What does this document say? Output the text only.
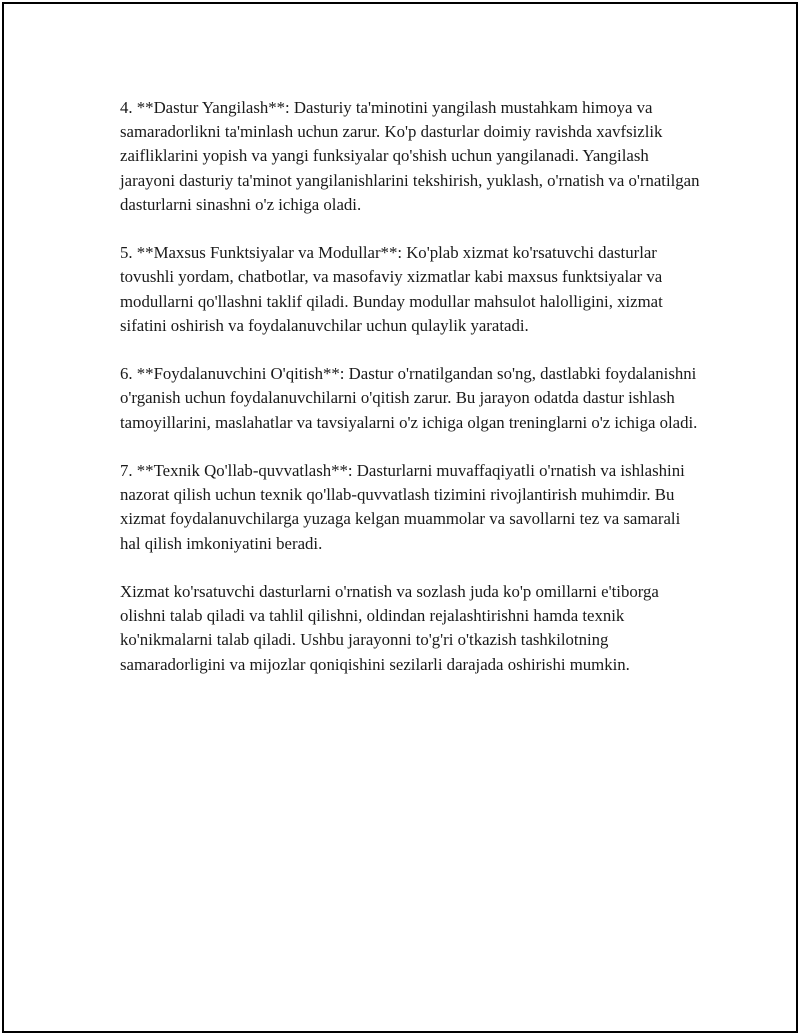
4. **Dastur Yangilash**: Dasturiy ta'minotini yangilash mustahkam himoya va samaradorlikni ta'minlash uchun zarur. Ko'p dasturlar doimiy ravishda xavfsizlik zaifliklarini yopish va yangi funksiyalar qo'shish uchun yangilanadi. Yangilash jarayoni dasturiy ta'minot yangilanishlarini tekshirish, yuklash, o'rnatish va o'rnatilgan dasturlarni sinashni o'z ichiga oladi.

5. **Maxsus Funktsiyalar va Modullar**: Ko'plab xizmat ko'rsatuvchi dasturlar tovushli yordam, chatbotlar, va masofaviy xizmatlar kabi maxsus funktsiyalar va modullarni qo'llashni taklif qiladi. Bunday modullar mahsulot halolligini, xizmat sifatini oshirish va foydalanuvchilar uchun qulaylik yaratadi.

6. **Foydalanuvchini O'qitish**: Dastur o'rnatilgandan so'ng, dastlabki foydalanishni o'rganish uchun foydalanuvchilarni o'qitish zarur. Bu jarayon odatda dastur ishlash tamoyillarini, maslahatlar va tavsiyalarni o'z ichiga olgan treninglarni o'z ichiga oladi.

7. **Texnik Qo'llab-quvvatlash**: Dasturlarni muvaffaqiyatli o'rnatish va ishlashini nazorat qilish uchun texnik qo'llab-quvvatlash tizimini rivojlantirish muhimdir. Bu xizmat foydalanuvchilarga yuzaga kelgan muammolar va savollarni tez va samarali hal qilish imkoniyatini beradi.

Xizmat ko'rsatuvchi dasturlarni o'rnatish va sozlash juda ko'p omillarni e'tiborga olishni talab qiladi va tahlil qilishni, oldindan rejalashtirishni hamda texnik ko'nikmalarni talab qiladi. Ushbu jarayonni to'g'ri o'tkazish tashkilotning samaradorligini va mijozlar qoniqishini sezilarli darajada oshirishi mumkin.
